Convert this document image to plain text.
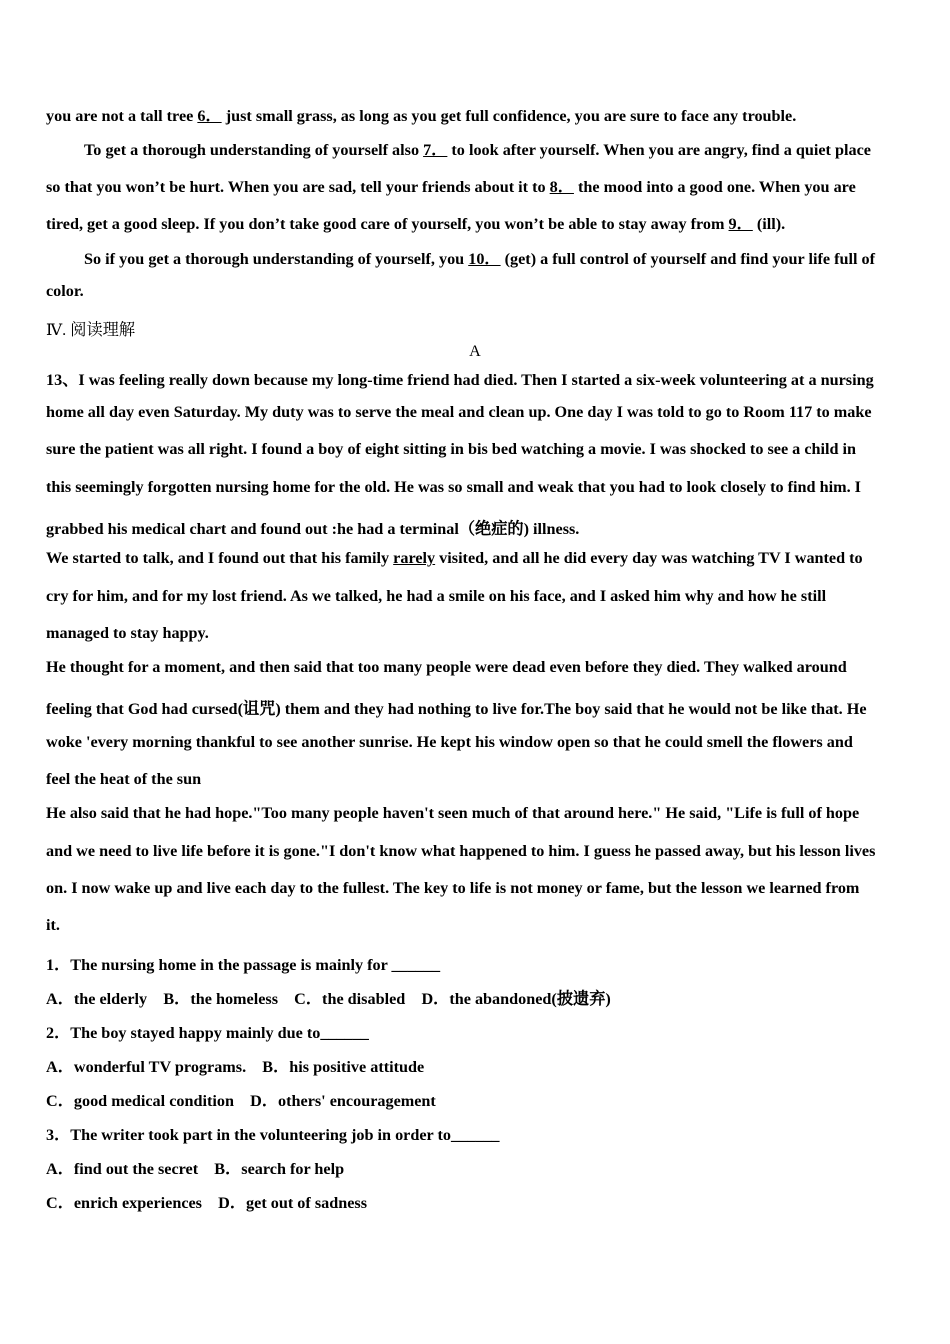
you are not a tall tree 6． just small grass, as long as you get full confidence, you are sure to face any trouble.
To get a thorough understanding of yourself also 7． to look after yourself. When you are angry, find a quiet place
so that you won’t be hurt. When you are sad, tell your friends about it to 8． the mood into a good one. When you are
tired, get a good sleep. If you don’t take good care of yourself, you won’t be able to stay away from 9． (ill).
So if you get a thorough understanding of yourself, you 10． (get) a full control of yourself and find your life full of
color.
Ⅳ. 阅读理解
A
13、I was feeling really down because my long-time friend had died. Then I started a six-week volunteering at a nursing
home all day even Saturday. My duty was to serve the meal and clean up. One day I was told to go to Room 117 to make
sure the patient was all right. I found a boy of eight sitting in bis bed watching a movie. I was shocked to see a child in
this seemingly forgotten nursing home for the old. He was so small and weak that you had to look closely to find him. I
grabbed his medical chart and found out :he had a terminal（绝症的) illness.
We started to talk, and I found out that his family rarely visited, and all he did every day was watching TV I wanted to
cry for him, and for my lost friend. As we talked, he had a smile on his face, and I asked him why and how he still
managed to stay happy.
He thought for a moment, and then said that too many people were dead even before they died. They walked around
feeling that God had cursed(诅咒) them and they had nothing to live for.The boy said that he would not be like that. He
woke 'every morning thankful to see another sunrise. He kept his window open so that he could smell the flowers and
feel the heat of the sun
He also said that he had hope."Too many people haven't seen much of that around here." He said, "Life is full of hope
and we need to live life before it is gone."I don't know what happened to him. I guess he passed away, but his lesson lives
on. I now wake up and live each day to the fullest. The key to life is not money or fame, but the lesson we learned from
it.
1．The nursing home in the passage is mainly for ______
A．the elderly　B．the homeless　C．the disabled　D．the abandoned(披遗弃)
2．The boy stayed happy mainly due to______
A．wonderful TV programs.　B．his positive attitude
C．good medical condition　D．others' encouragement
3．The writer took part in the volunteering job in order to______
A．find out the secret　B．search for help
C．enrich experiences　D．get out of sadness
